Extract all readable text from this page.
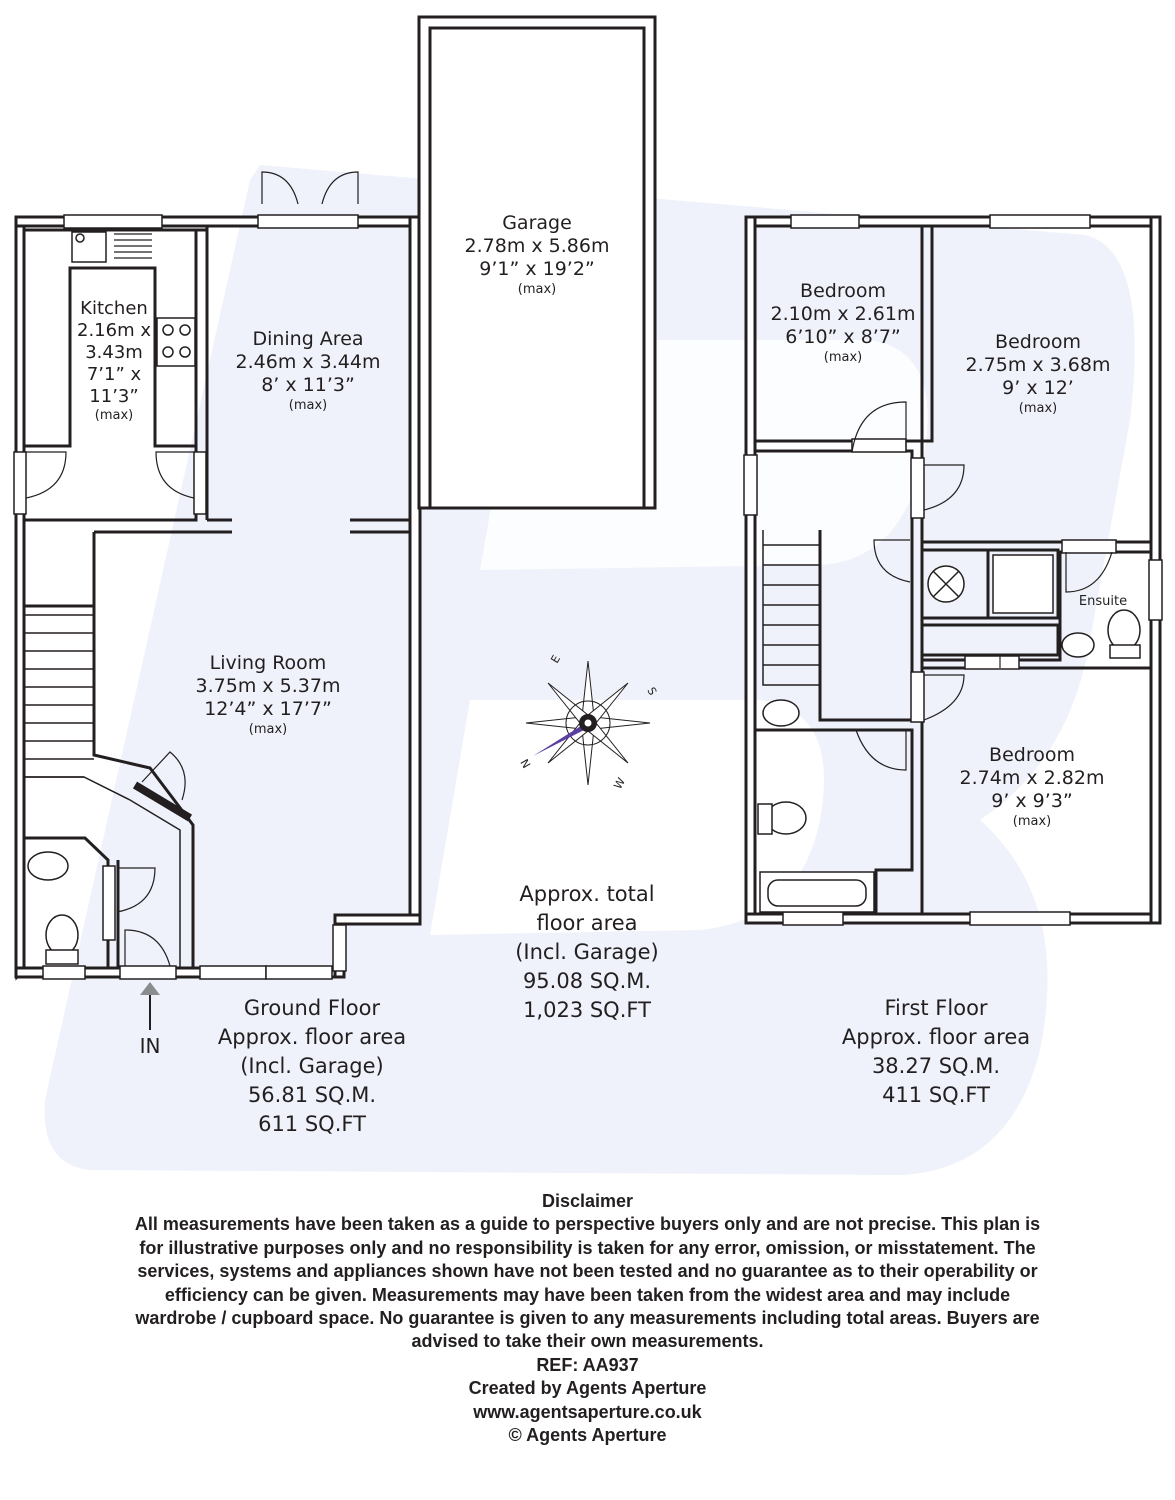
E
S
N
W
Garage
2.78m x 5.86m
9’1” x 19’2”
(max)
Kitchen
2.16m x
3.43m
7’1” x
11’3”
(max)
Dining Area
2.46m x 3.44m
8’ x 11’3”
(max)
Living Room
3.75m x 5.37m
12’4” x 17’7”
(max)
Bedroom
2.10m x 2.61m
6’10” x 8’7”
(max)
Bedroom
2.75m x 3.68m
9’ x 12’
(max)
Bedroom
2.74m x 2.82m
9’ x 9’3”
(max)
Ensuite
IN
Ground Floor
Approx. floor area
(Incl. Garage)
56.81 SQ.M.
611 SQ.FT
Approx. total
floor area
(Incl. Garage)
95.08 SQ.M.
1,023 SQ.FT	First Floor
Approx. floor area
38.27 SQ.M.
411 SQ.FT
Disclaimer
All measurements have been taken as a guide to perspective buyers only and are not precise. This plan is
for illustrative purposes only and no responsibility is taken for any error, omission, or misstatement. The
services, systems and appliances shown have not been tested and no guarantee as to their operability or
efficiency can be given. Measurements may have been taken from the widest area and may include
wardrobe / cupboard space. No guarantee is given to any measurements including total areas. Buyers are
advised to take their own measurements.
REF: AA937
Created by Agents Aperture
www.agentsaperture.co.uk
© Agents Aperture
